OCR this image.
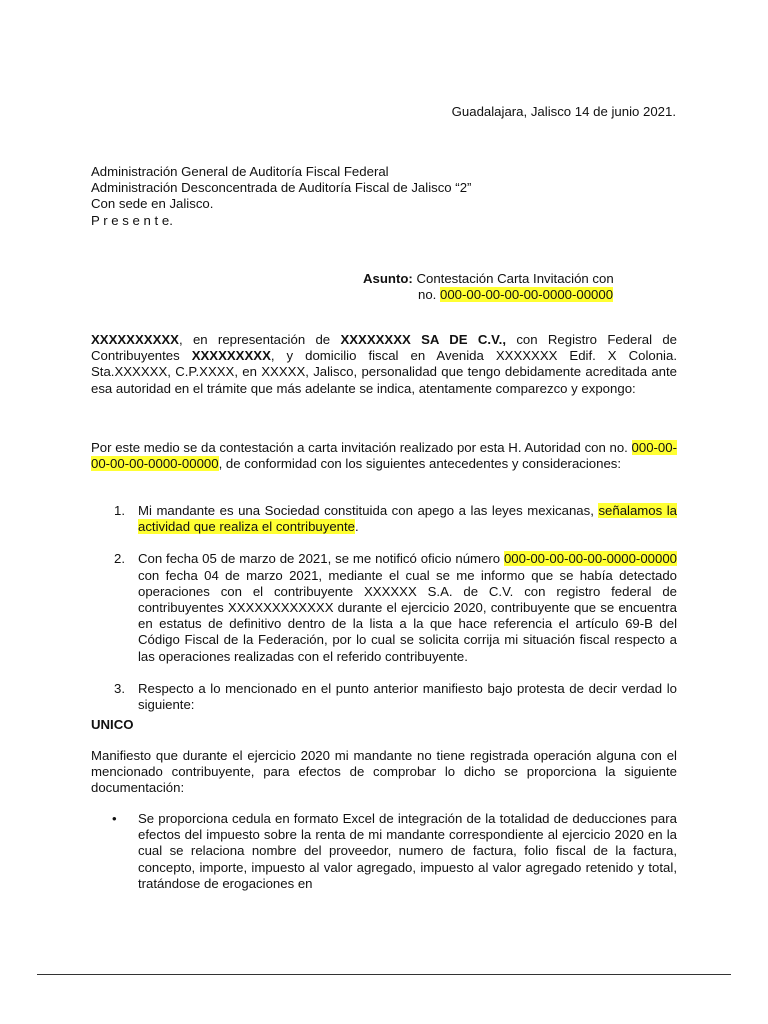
Guadalajara, Jalisco 14 de junio 2021.
Administración General de Auditoría Fiscal Federal
Administración Desconcentrada de Auditoría Fiscal de Jalisco “2”
Con sede en Jalisco.
P r e s e n t e.
Asunto: Contestación Carta Invitación con
no. 000-00-00-00-00-0000-00000
XXXXXXXXXX, en representación de XXXXXXXX SA DE C.V., con Registro Federal de Contribuyentes XXXXXXXXX, y domicilio fiscal en Avenida XXXXXXX Edif. X Colonia. Sta.XXXXXX, C.P.XXXX, en XXXXX, Jalisco, personalidad que tengo debidamente acreditada ante esa autoridad en el trámite que más adelante se indica, atentamente comparezco y expongo:
Por este medio se da contestación a carta invitación realizado por esta H. Autoridad con no. 000-00-00-00-00-0000-00000, de conformidad con los siguientes antecedentes y consideraciones:
1. Mi mandante es una Sociedad constituida con apego a las leyes mexicanas, señalamos la actividad que realiza el contribuyente.
2. Con fecha 05 de marzo de 2021, se me notificó oficio número 000-00-00-00-00-0000-00000 con fecha 04 de marzo 2021, mediante el cual se me informo que se había detectado operaciones con el contribuyente XXXXXX S.A. de C.V. con registro federal de contribuyentes XXXXXXXXXXXX durante el ejercicio 2020, contribuyente que se encuentra en estatus de definitivo dentro de la lista a la que hace referencia el artículo 69-B del Código Fiscal de la Federación, por lo cual se solicita corrija mi situación fiscal respecto a las operaciones realizadas con el referido contribuyente.
3. Respecto a lo mencionado en el punto anterior manifiesto bajo protesta de decir verdad lo siguiente:
UNICO
Manifiesto que durante el ejercicio 2020 mi mandante no tiene registrada operación alguna con el mencionado contribuyente, para efectos de comprobar lo dicho se proporciona la siguiente documentación:
• Se proporciona cedula en formato Excel de integración de la totalidad de deducciones para efectos del impuesto sobre la renta de mi mandante correspondiente al ejercicio 2020 en la cual se relaciona nombre del proveedor, numero de factura, folio fiscal de la factura, concepto, importe, impuesto al valor agregado, impuesto al valor agregado retenido y total, tratándose de erogaciones en
